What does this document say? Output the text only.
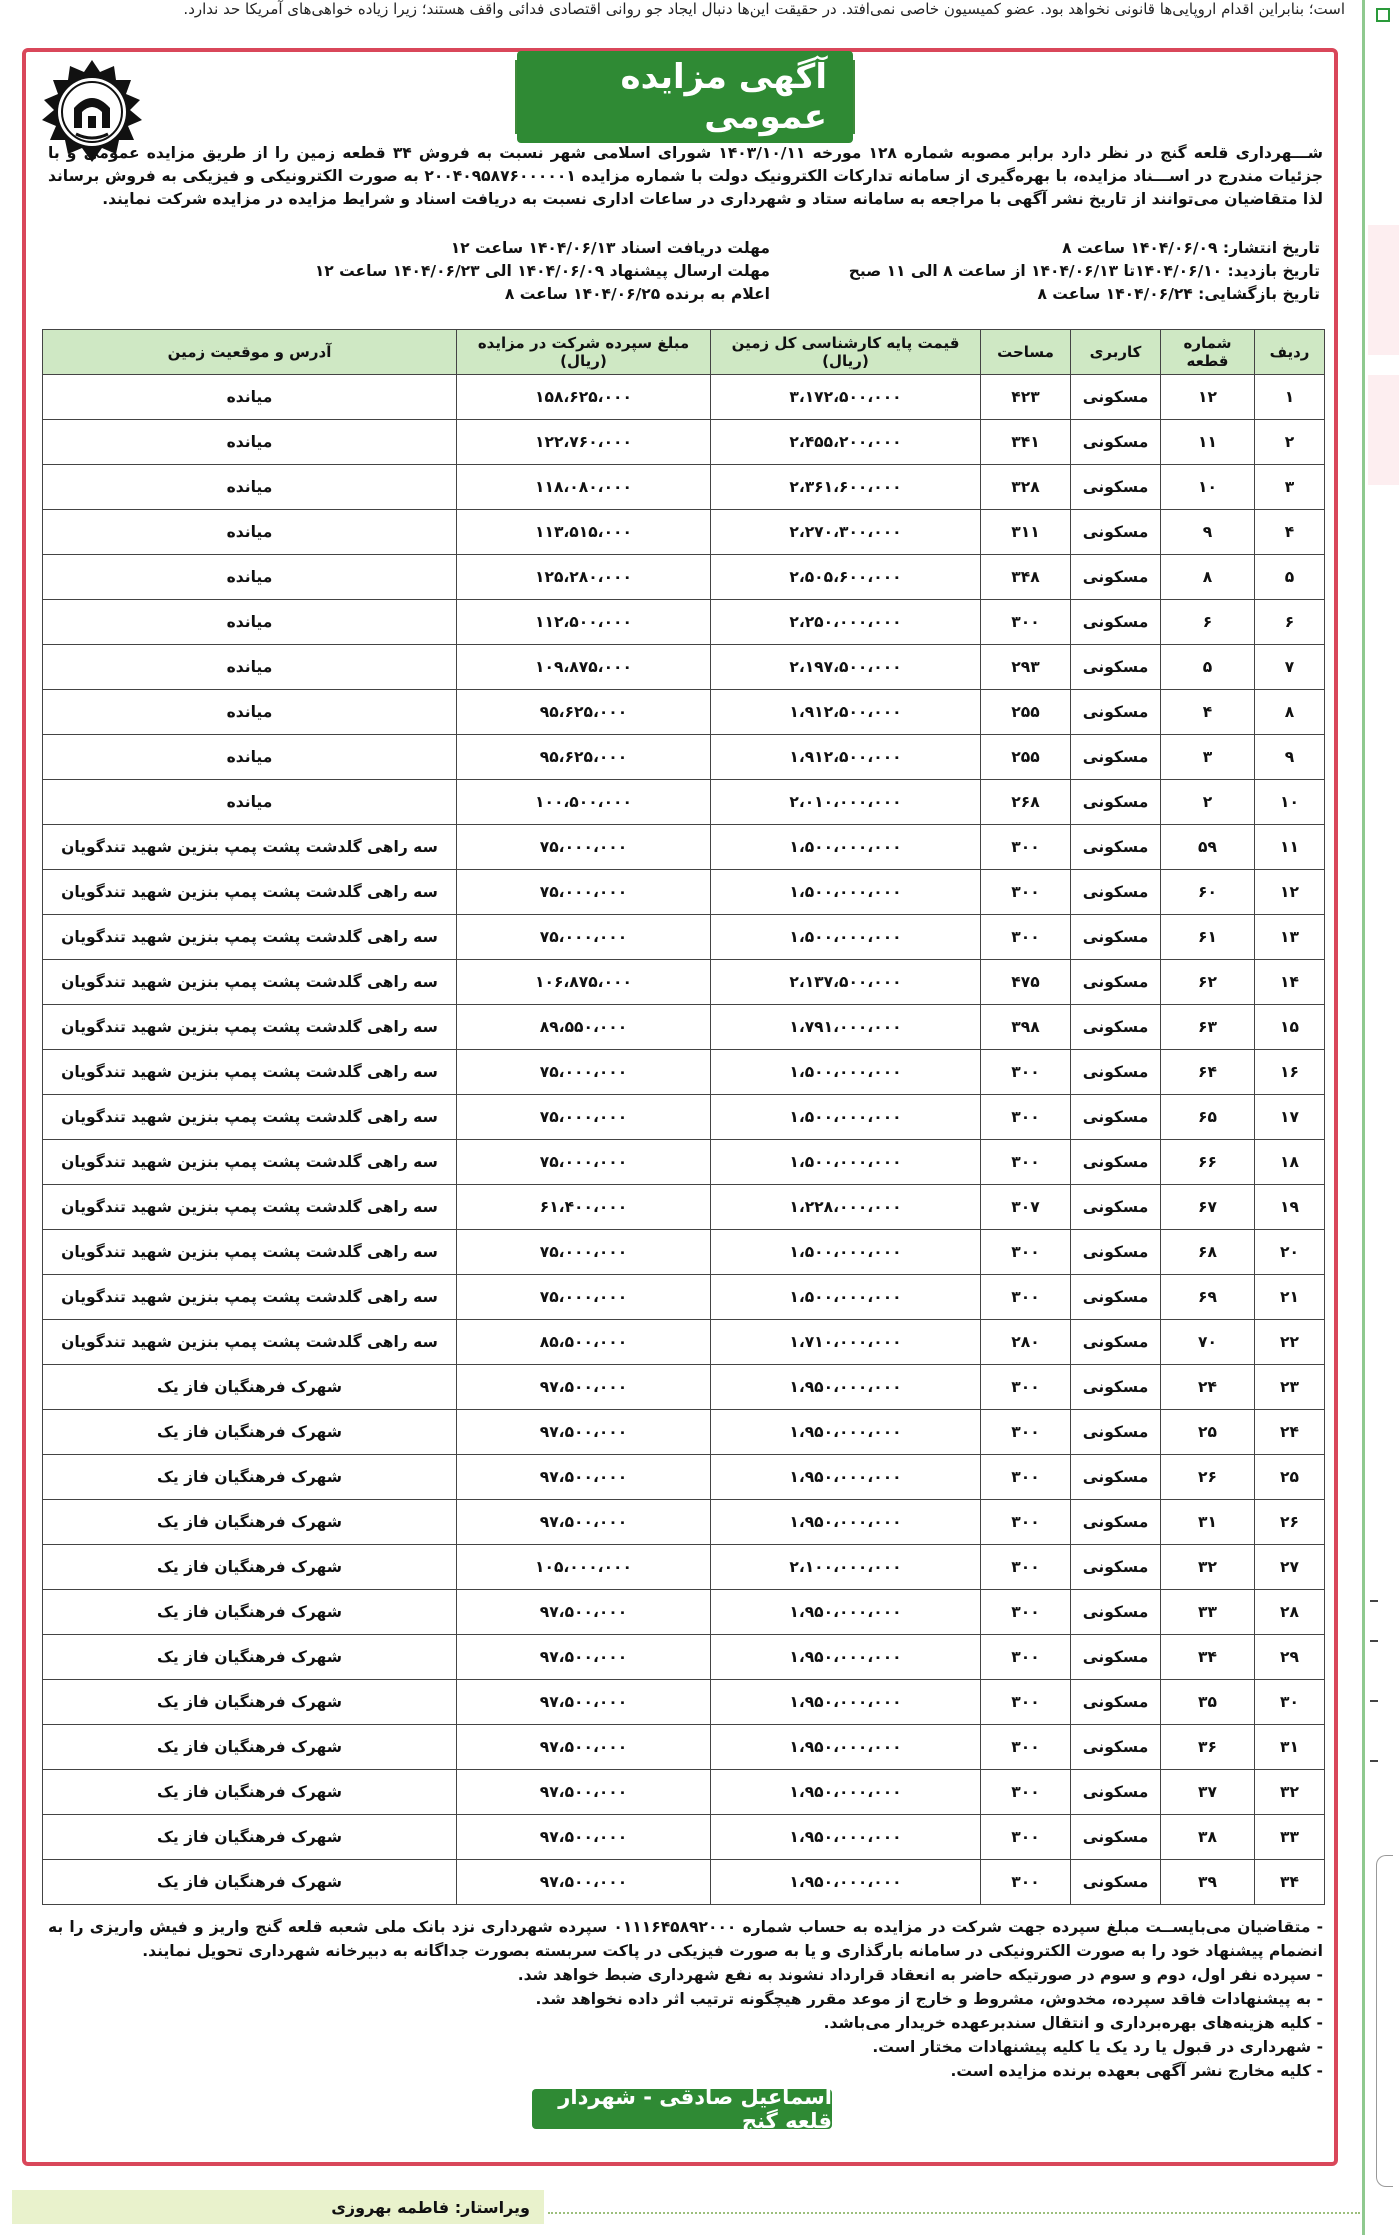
است؛ بنابراین اقدام اروپایی‌ها قانونی نخواهد بود. عضو کمیسیون خاصی نمی‌افتد. در حقیقت این‌ها دنبال ایجاد جو روانی اقتصادی فدائی واقف هستند؛ زیرا زیاده خواهی‌های آمریکا حد ندارد.
آگهی مزایده عمومی
شـــهرداری قلعه گنج در نظر دارد برابر مصوبه شماره ۱۲۸ مورخه ۱۴۰۳/۱۰/۱۱ شورای اسلامی شهر نسبت به فروش ۳۴ قطعه زمین را از طریق مزایده عمومی و با جزئیات مندرج در اســـناد مزایده، با بهره‌گیری از سامانه تدارکات الکترونیک دولت با شماره مزایده ۲۰۰۴۰۹۵۸۷۶۰۰۰۰۰۱ به صورت الکترونیکی و فیزیکی به فروش برساند لذا متقاضیان می‌توانند از تاریخ نشر آگهی با مراجعه به سامانه ستاد و شهرداری در ساعات اداری نسبت به دریافت اسناد و شرایط مزایده در مزایده شرکت نمایند.
تاریخ انتشار: ۱۴۰۴/۰۶/۰۹ ساعت ۸
تاریخ بازدید: ۱۴۰۴/۰۶/۱۰تا ۱۴۰۴/۰۶/۱۳ از ساعت ۸ الی ۱۱ صبح
تاریخ بازگشایی: ۱۴۰۴/۰۶/۲۴ ساعت ۸
مهلت دریافت اسناد ۱۴۰۴/۰۶/۱۳ ساعت ۱۲
مهلت ارسال پیشنهاد ۱۴۰۴/۰۶/۰۹ الی ۱۴۰۴/۰۶/۲۳ ساعت ۱۲
اعلام به برنده ۱۴۰۴/۰۶/۲۵ ساعت ۸
ردیف	شماره قطعه	کاربری	مساحت	قیمت پایه کارشناسی کل زمین (ریال)	مبلغ سپرده شرکت در مزایده (ریال)	آدرس و موقعیت زمین
۱	۱۲	مسکونی	۴۲۳	۳،۱۷۲،۵۰۰،۰۰۰	۱۵۸،۶۲۵،۰۰۰	میانده
۲	۱۱	مسکونی	۳۴۱	۲،۴۵۵،۲۰۰،۰۰۰	۱۲۲،۷۶۰،۰۰۰	میانده
۳	۱۰	مسکونی	۳۲۸	۲،۳۶۱،۶۰۰،۰۰۰	۱۱۸،۰۸۰،۰۰۰	میانده
۴	۹	مسکونی	۳۱۱	۲،۲۷۰،۳۰۰،۰۰۰	۱۱۳،۵۱۵،۰۰۰	میانده
۵	۸	مسکونی	۳۴۸	۲،۵۰۵،۶۰۰،۰۰۰	۱۲۵،۲۸۰،۰۰۰	میانده
۶	۶	مسکونی	۳۰۰	۲،۲۵۰،۰۰۰،۰۰۰	۱۱۲،۵۰۰،۰۰۰	میانده
۷	۵	مسکونی	۲۹۳	۲،۱۹۷،۵۰۰،۰۰۰	۱۰۹،۸۷۵،۰۰۰	میانده
۸	۴	مسکونی	۲۵۵	۱،۹۱۲،۵۰۰،۰۰۰	۹۵،۶۲۵،۰۰۰	میانده
۹	۳	مسکونی	۲۵۵	۱،۹۱۲،۵۰۰،۰۰۰	۹۵،۶۲۵،۰۰۰	میانده
۱۰	۲	مسکونی	۲۶۸	۲،۰۱۰،۰۰۰،۰۰۰	۱۰۰،۵۰۰،۰۰۰	میانده
۱۱	۵۹	مسکونی	۳۰۰	۱،۵۰۰،۰۰۰،۰۰۰	۷۵،۰۰۰،۰۰۰	سه راهی گلدشت پشت پمپ بنزین شهید تندگویان
۱۲	۶۰	مسکونی	۳۰۰	۱،۵۰۰،۰۰۰،۰۰۰	۷۵،۰۰۰،۰۰۰	سه راهی گلدشت پشت پمپ بنزین شهید تندگویان
۱۳	۶۱	مسکونی	۳۰۰	۱،۵۰۰،۰۰۰،۰۰۰	۷۵،۰۰۰،۰۰۰	سه راهی گلدشت پشت پمپ بنزین شهید تندگویان
۱۴	۶۲	مسکونی	۴۷۵	۲،۱۳۷،۵۰۰،۰۰۰	۱۰۶،۸۷۵،۰۰۰	سه راهی گلدشت پشت پمپ بنزین شهید تندگویان
۱۵	۶۳	مسکونی	۳۹۸	۱،۷۹۱،۰۰۰،۰۰۰	۸۹،۵۵۰،۰۰۰	سه راهی گلدشت پشت پمپ بنزین شهید تندگویان
۱۶	۶۴	مسکونی	۳۰۰	۱،۵۰۰،۰۰۰،۰۰۰	۷۵،۰۰۰،۰۰۰	سه راهی گلدشت پشت پمپ بنزین شهید تندگویان
۱۷	۶۵	مسکونی	۳۰۰	۱،۵۰۰،۰۰۰،۰۰۰	۷۵،۰۰۰،۰۰۰	سه راهی گلدشت پشت پمپ بنزین شهید تندگویان
۱۸	۶۶	مسکونی	۳۰۰	۱،۵۰۰،۰۰۰،۰۰۰	۷۵،۰۰۰،۰۰۰	سه راهی گلدشت پشت پمپ بنزین شهید تندگویان
۱۹	۶۷	مسکونی	۳۰۷	۱،۲۲۸،۰۰۰،۰۰۰	۶۱،۴۰۰،۰۰۰	سه راهی گلدشت پشت پمپ بنزین شهید تندگویان
۲۰	۶۸	مسکونی	۳۰۰	۱،۵۰۰،۰۰۰،۰۰۰	۷۵،۰۰۰،۰۰۰	سه راهی گلدشت پشت پمپ بنزین شهید تندگویان
۲۱	۶۹	مسکونی	۳۰۰	۱،۵۰۰،۰۰۰،۰۰۰	۷۵،۰۰۰،۰۰۰	سه راهی گلدشت پشت پمپ بنزین شهید تندگویان
۲۲	۷۰	مسکونی	۲۸۰	۱،۷۱۰،۰۰۰،۰۰۰	۸۵،۵۰۰،۰۰۰	سه راهی گلدشت پشت پمپ بنزین شهید تندگویان
۲۳	۲۴	مسکونی	۳۰۰	۱،۹۵۰،۰۰۰،۰۰۰	۹۷،۵۰۰،۰۰۰	شهرک فرهنگیان فاز یک
۲۴	۲۵	مسکونی	۳۰۰	۱،۹۵۰،۰۰۰،۰۰۰	۹۷،۵۰۰،۰۰۰	شهرک فرهنگیان فاز یک
۲۵	۲۶	مسکونی	۳۰۰	۱،۹۵۰،۰۰۰،۰۰۰	۹۷،۵۰۰،۰۰۰	شهرک فرهنگیان فاز یک
۲۶	۳۱	مسکونی	۳۰۰	۱،۹۵۰،۰۰۰،۰۰۰	۹۷،۵۰۰،۰۰۰	شهرک فرهنگیان فاز یک
۲۷	۳۲	مسکونی	۳۰۰	۲،۱۰۰،۰۰۰،۰۰۰	۱۰۵،۰۰۰،۰۰۰	شهرک فرهنگیان فاز یک
۲۸	۳۳	مسکونی	۳۰۰	۱،۹۵۰،۰۰۰،۰۰۰	۹۷،۵۰۰،۰۰۰	شهرک فرهنگیان فاز یک
۲۹	۳۴	مسکونی	۳۰۰	۱،۹۵۰،۰۰۰،۰۰۰	۹۷،۵۰۰،۰۰۰	شهرک فرهنگیان فاز یک
۳۰	۳۵	مسکونی	۳۰۰	۱،۹۵۰،۰۰۰،۰۰۰	۹۷،۵۰۰،۰۰۰	شهرک فرهنگیان فاز یک
۳۱	۳۶	مسکونی	۳۰۰	۱،۹۵۰،۰۰۰،۰۰۰	۹۷،۵۰۰،۰۰۰	شهرک فرهنگیان فاز یک
۳۲	۳۷	مسکونی	۳۰۰	۱،۹۵۰،۰۰۰،۰۰۰	۹۷،۵۰۰،۰۰۰	شهرک فرهنگیان فاز یک
۳۳	۳۸	مسکونی	۳۰۰	۱،۹۵۰،۰۰۰،۰۰۰	۹۷،۵۰۰،۰۰۰	شهرک فرهنگیان فاز یک
۳۴	۳۹	مسکونی	۳۰۰	۱،۹۵۰،۰۰۰،۰۰۰	۹۷،۵۰۰،۰۰۰	شهرک فرهنگیان فاز یک
- متقاضیان می‌بایســت مبلغ سپرده جهت شرکت در مزایده به حساب شماره ۰۱۱۱۶۴۵۸۹۲۰۰۰ سپرده شهرداری نزد بانک ملی شعبه قلعه گنج واریز و فیش واریزی را به انضمام پیشنهاد خود را به صورت الکترونیکی در سامانه بارگذاری و یا به صورت فیزیکی در پاکت سربسته بصورت جداگانه به دبیرخانه شهرداری تحویل نمایند.
- سپرده نفر اول، دوم و سوم در صورتیکه حاضر به انعقاد قرارداد نشوند به نفع شهرداری ضبط خواهد شد.
- به پیشنهادات فاقد سپرده، مخدوش، مشروط و خارج از موعد مقرر هیچگونه ترتیب اثر داده نخواهد شد.
- کلیه هزینه‌های بهره‌برداری و انتقال سندبرعهده خریدار می‌باشد.
- شهرداری در قبول یا رد یک یا کلیه پیشنهادات مختار است.
- کلیه مخارج نشر آگهی بعهده برنده مزایده است.
اسماعیل صادقی - شهردار قلعه گنج
ویراستار: فاطمه بهروزی
